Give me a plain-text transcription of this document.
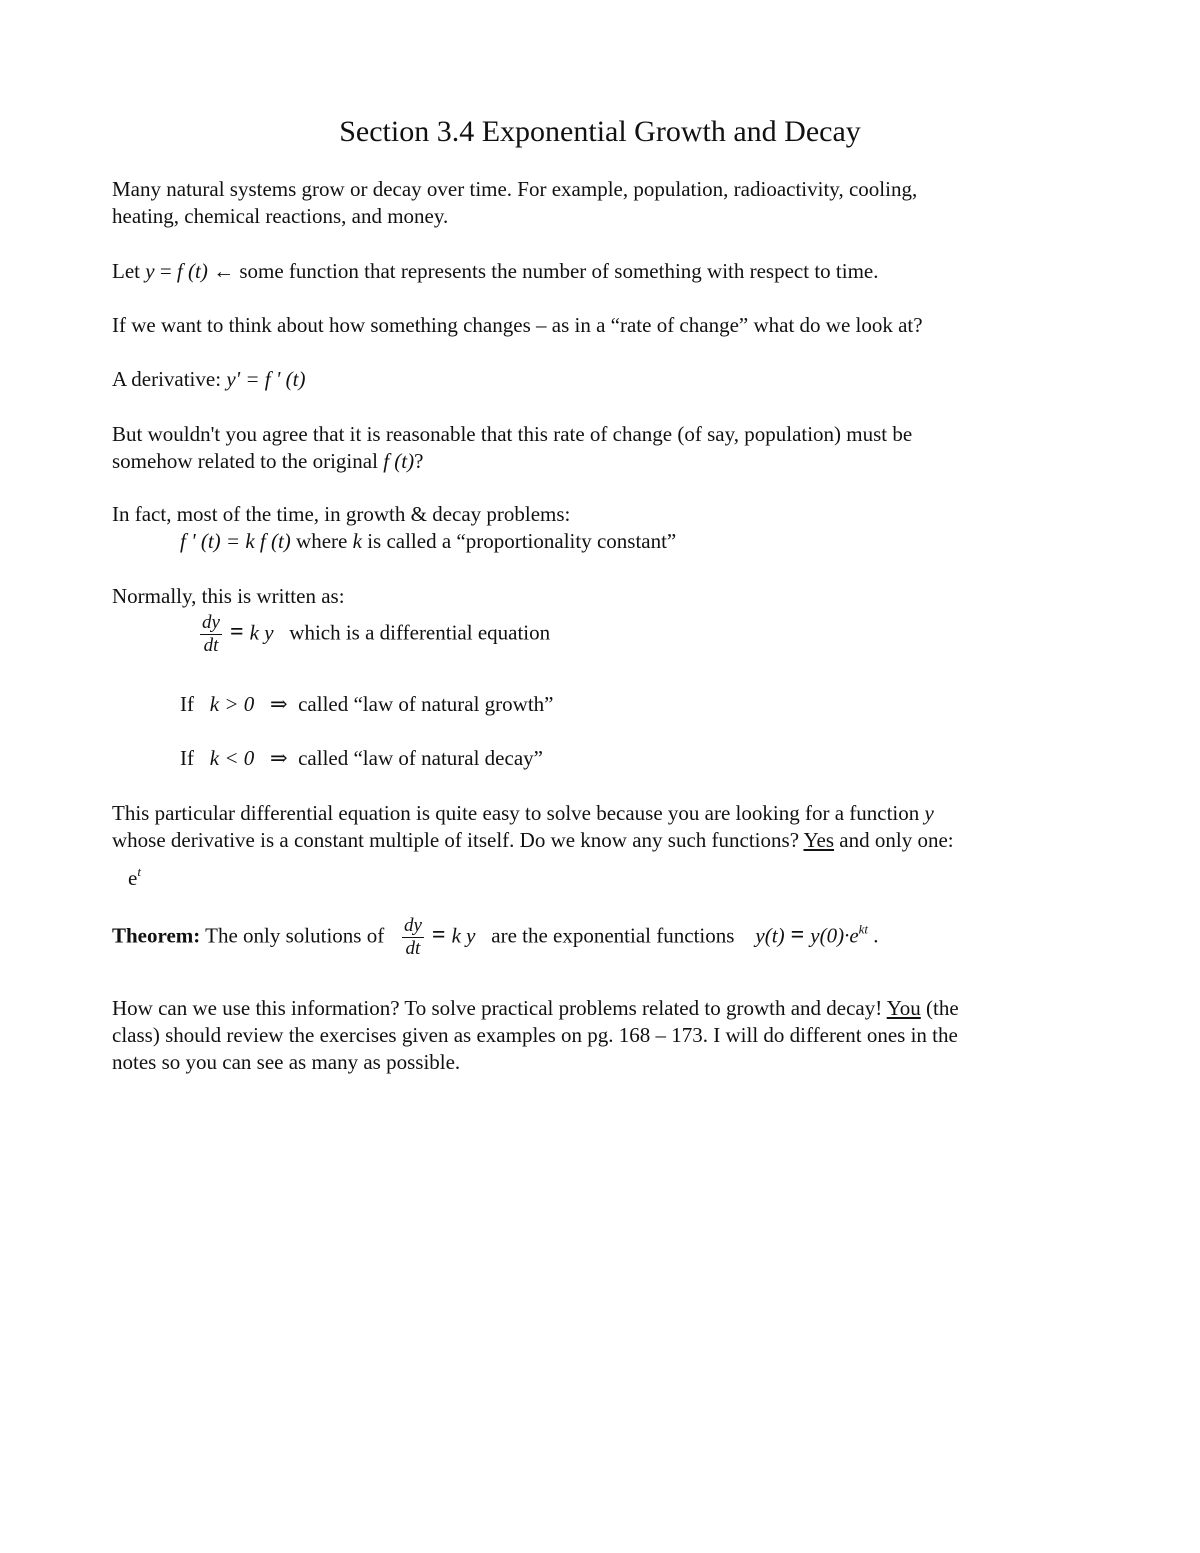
Section 3.4 Exponential Growth and Decay

Many natural systems grow or decay over time. For example, population, radioactivity, cooling,

heating, chemical reactions, and money.

Let y = f (t) ← some function that represents the number of something with respect to time.

If we want to think about how something changes – as in a “rate of change” what do we look at?

A derivative: y' = f ' (t)

But wouldn't you agree that it is reasonable that this rate of change (of say, population) must be

somehow related to the original f (t)?

In fact, most of the time, in growth & decay problems:

f ' (t) = k f (t) where k is called a “proportionality constant”

Normally, this is written as:

$\frac{dy}{dt} = k$ y which is a differential equation

If k > 0 ⇒ called “law of natural growth”

If k < 0 ⇒ called “law of natural decay”

This particular differential equation is quite easy to solve because you are looking for a function y

whose derivative is a constant multiple of itself. Do we know any such functions? Yes and only one:

$e^t$

Theorem: The only solutions of $\frac{dy}{dt} = k$ y are the exponential functions $y(t) = y(0)\cdot e^{kt}$ .

How can we use this information? To solve practical problems related to growth and decay! You (the

class) should review the exercises given as examples on pg. 168 – 173. I will do different ones in the

notes so you can see as many as possible.
